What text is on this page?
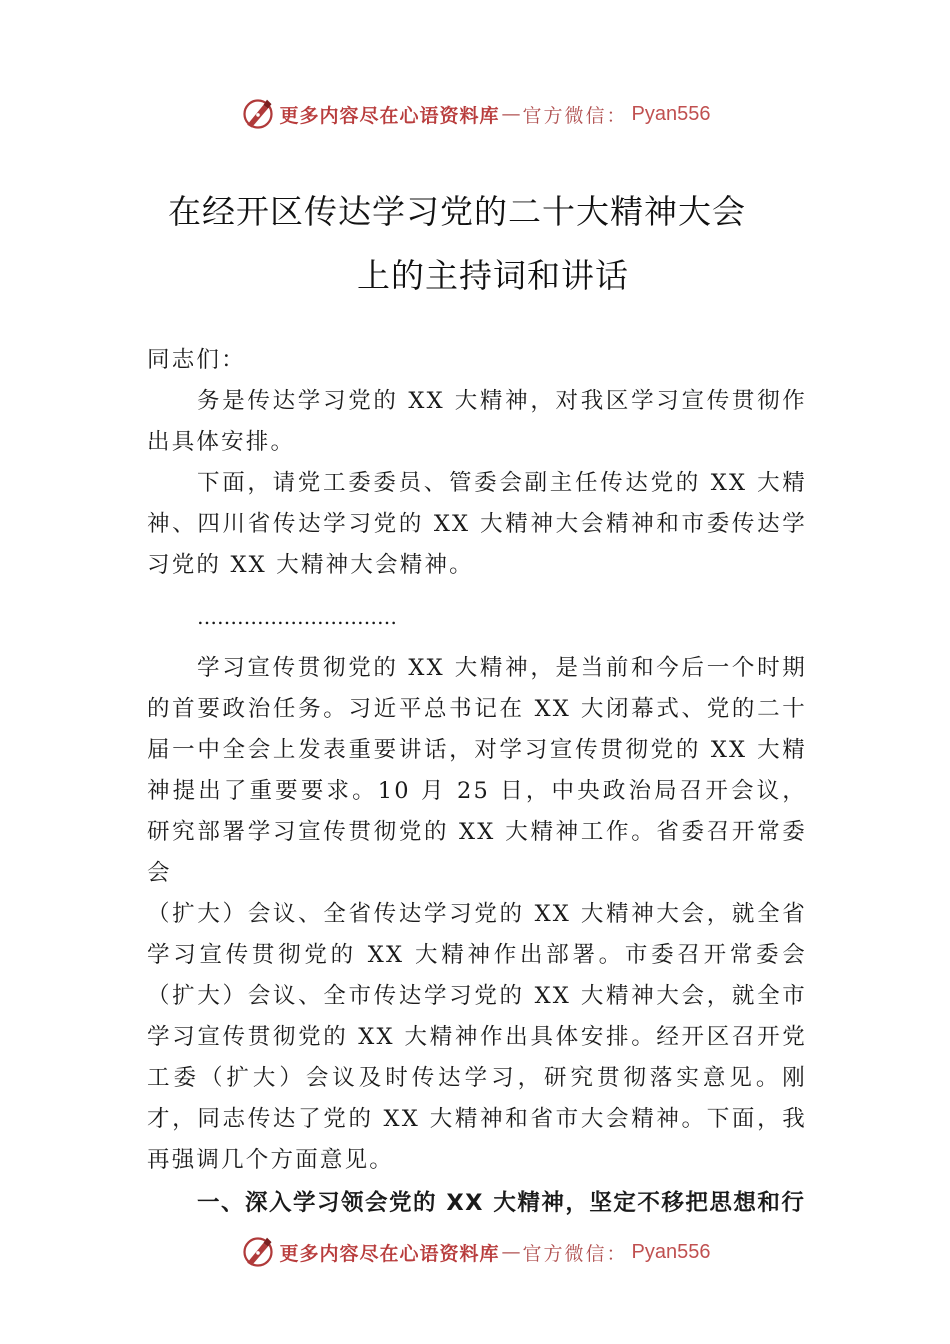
更多内容尽在心语资料库 — 官方微信： Pyan556
在经开区传达学习党的二十大精神大会
上的主持词和讲话

同志们：

务是传达学习党的 XX 大精神，对我区学习宣传贯彻作出具体安排。

下面，请党工委委员、管委会副主任传达党的 XX 大精神、四川省传达学习党的 XX 大精神大会精神和市委传达学习党的 XX 大精神大会精神。

…………………………

学习宣传贯彻党的 XX 大精神，是当前和今后一个时期的首要政治任务。习近平总书记在 XX 大闭幕式、党的二十届一中全会上发表重要讲话，对学习宣传贯彻党的 XX 大精神提出了重要要求。10 月 25 日，中央政治局召开会议，研究部署学习宣传贯彻党的 XX 大精神工作。省委召开常委会

（扩大）会议、全省传达学习党的 XX 大精神大会，就全省学习宣传贯彻党的 XX 大精神作出部署。市委召开常委会（扩大）会议、全市传达学习党的 XX 大精神大会，就全市学习宣传贯彻党的 XX 大精神作出具体安排。经开区召开党工委（扩大）会议及时传达学习，研究贯彻落实意见。刚才，同志传达了党的 XX 大精神和省市大会精神。下面，我再强调几个方面意见。

一、深入学习领会党的 XX 大精神，坚定不移把思想和行

更多内容尽在心语资料库 — 官方微信： Pyan556
